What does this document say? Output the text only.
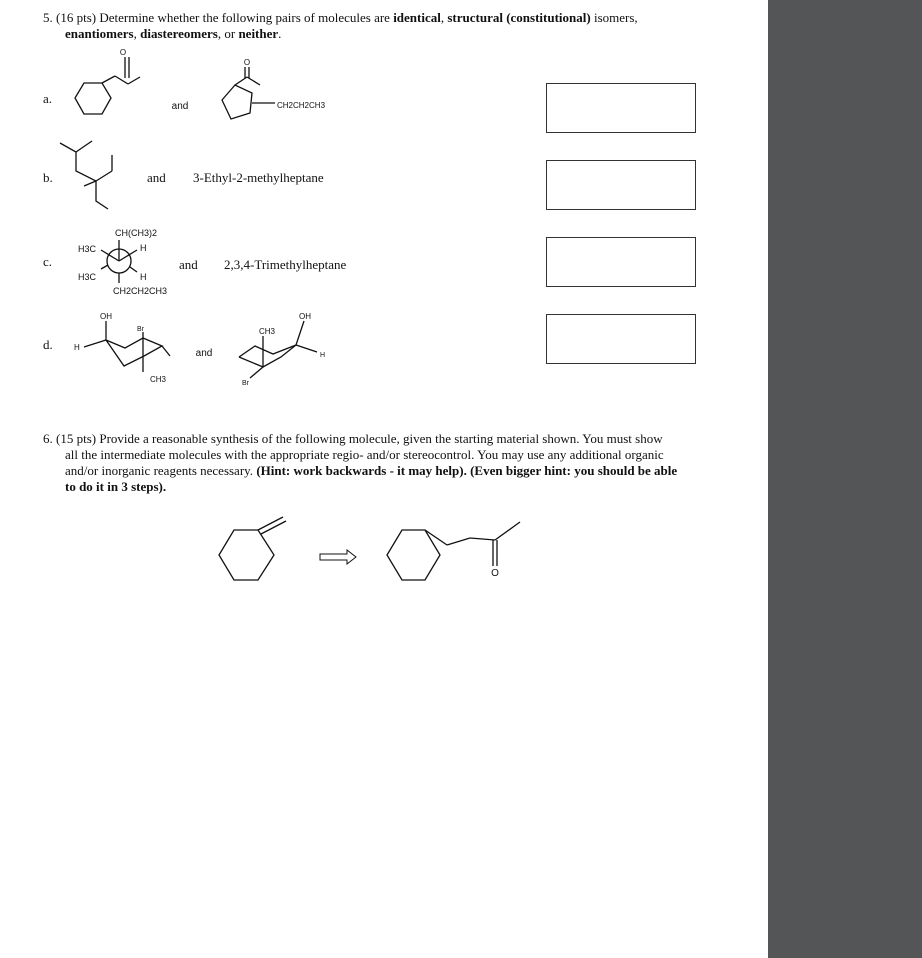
5. (16 pts) Determine whether the following pairs of molecules are identical, structural (constitutional) isomers,
enantiomers, diastereomers, or neither.
a.
b.
c.
d.
and 3-Ethyl-2-methylheptane
and 2,3,4-Trimethylheptane
O
and
O
CH2CH2CH3
CH(CH3)2
H3C	H
H3C	H
CH2CH2CH3
OH
Br
H
CH3
and
OH
CH3
Br
H
O
6. (15 pts) Provide a reasonable synthesis of the following molecule, given the starting material shown. You must show
all the intermediate molecules with the appropriate regio- and/or stereocontrol. You may use any additional organic
and/or inorganic reagents necessary. (Hint: work backwards - it may help). (Even bigger hint: you should be able
to do it in 3 steps).
